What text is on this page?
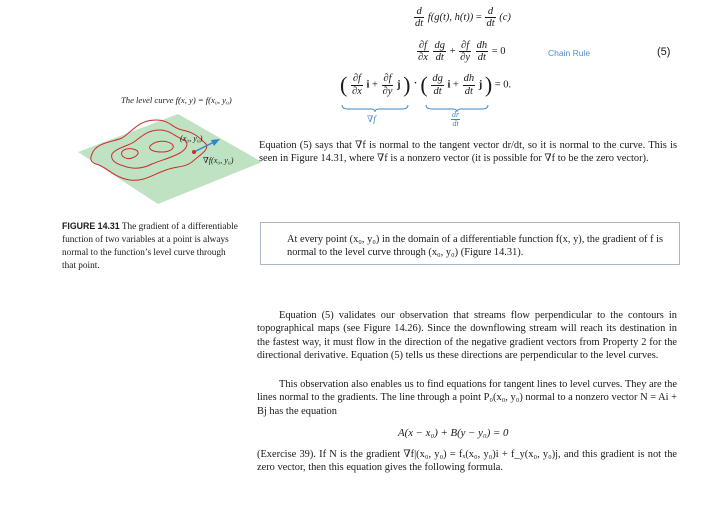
$\frac{d}{dt} f(g(t)$, $h(t)) = \frac{d}{dt} (c)$
$\frac{\partial f}{\partial x}$
$\frac{dg}{dt} + \frac{\partial f}{\partial y}$
$\frac{dh}{dt} = 0$	Chain Rule	(5)
( $\frac{\partial f}{\partial x}$ $i + \frac{\partial f}{\partial y}$ j ) · ( $\frac{dg}{dt}$ $i + \frac{dh}{dt}$ j ) = 0.
∇f	$\frac{dr}{dt}$
The level curve f(x, y) = f(x₀, y₀)
(x₀, y₀)
∇f(x₀, y₀)
FIGURE 14.31 The gradient of a differentiable function of two variables at a point is always normal to the function’s level curve through that point.
Equation (5) says that ∇f is normal to the tangent vector dr/dt, so it is normal to the curve. This is seen in Figure 14.31, where ∇f is a nonzero vector (it is possible for ∇f to be the zero vector).
At every point (x₀, y₀) in the domain of a differentiable function f(x, y), the gradient of f is normal to the level curve through (x₀, y₀) (Figure 14.31).
Equation (5) validates our observation that streams flow perpendicular to the contours in topographical maps (see Figure 14.26). Since the downflowing stream will reach its destination in the fastest way, it must flow in the direction of the negative gradient vectors from Property 2 for the directional derivative. Equation (5) tells us these directions are perpendicular to the level curves.
This observation also enables us to find equations for tangent lines to level curves. They are the lines normal to the gradients. The line through a point P₀(x₀, y₀) normal to a nonzero vector N = Ai + Bj has the equation
A(x − x₀) + B(y − y₀) = 0
(Exercise 39). If N is the gradient ∇f|(x₀, y₀) = fₓ(x₀, y₀)i + f_y(x₀, y₀)j, and this gradient is not the zero vector, then this equation gives the following formula.
